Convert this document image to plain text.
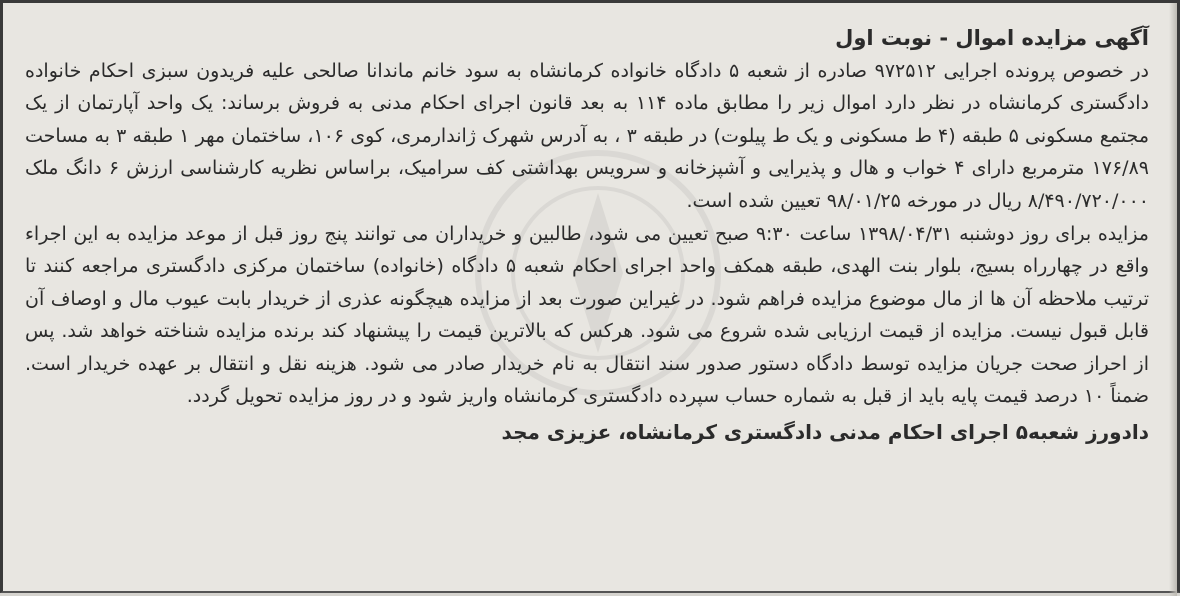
آگهی مزایده اموال - نوبت اول

در خصوص پرونده اجرایی ۹۷۲۵۱۲ صادره از شعبه ۵ دادگاه خانواده کرمانشاه به سود خانم ماندانا صالحی علیه فریدون سبزی احکام خانواده دادگستری کرمانشاه در نظر دارد اموال زیر را مطابق ماده ۱۱۴ به بعد قانون اجرای احکام مدنی به فروش برساند: یک واحد آپارتمان از یک مجتمع مسکونی ۵ طبقه (۴ ط مسکونی و یک ط پیلوت) در طبقه ۳ ، به آدرس شهرک ژاندارمری، کوی ۱۰۶، ساختمان مهر ۱ طبقه ۳ به مساحت ۱۷۶/۸۹ مترمربع دارای ۴ خواب و هال و پذیرایی و آشپزخانه و سرویس بهداشتی کف سرامیک، براساس نظریه کارشناسی ارزش ۶ دانگ ملک ۸/۴۹۰/۷۲۰/۰۰۰ ریال در مورخه ۹۸/۰۱/۲۵ تعیین شده است.

مزایده برای روز دوشنبه ۱۳۹۸/۰۴/۳۱ ساعت ۹:۳۰ صبح تعیین می شود، طالبین و خریداران می توانند پنج روز قبل از موعد مزایده به این اجراء واقع در چهارراه بسیج، بلوار بنت الهدی، طبقه همکف واحد اجرای احکام شعبه ۵ دادگاه (خانواده) ساختمان مرکزی دادگستری مراجعه کنند تا ترتیب ملاحظه آن ها از مال موضوع مزایده فراهم شود. در غیراین صورت بعد از مزایده هیچگونه عذری از خریدار بابت عیوب مال و اوصاف آن قابل قبول نیست. مزایده از قیمت ارزیابی شده شروع می شود. هرکس که بالاترین قیمت را پیشنهاد کند برنده مزایده شناخته خواهد شد. پس از احراز صحت جریان مزایده توسط دادگاه دستور صدور سند انتقال به نام خریدار صادر می شود. هزینه نقل و انتقال بر عهده خریدار است. ضمناً ۱۰ درصد قیمت پایه باید از قبل به شماره حساب سپرده دادگستری کرمانشاه واریز شود و در روز مزایده تحویل گردد.

دادورز شعبه۵ اجرای احکام مدنی دادگستری کرمانشاه، عزیزی مجد
